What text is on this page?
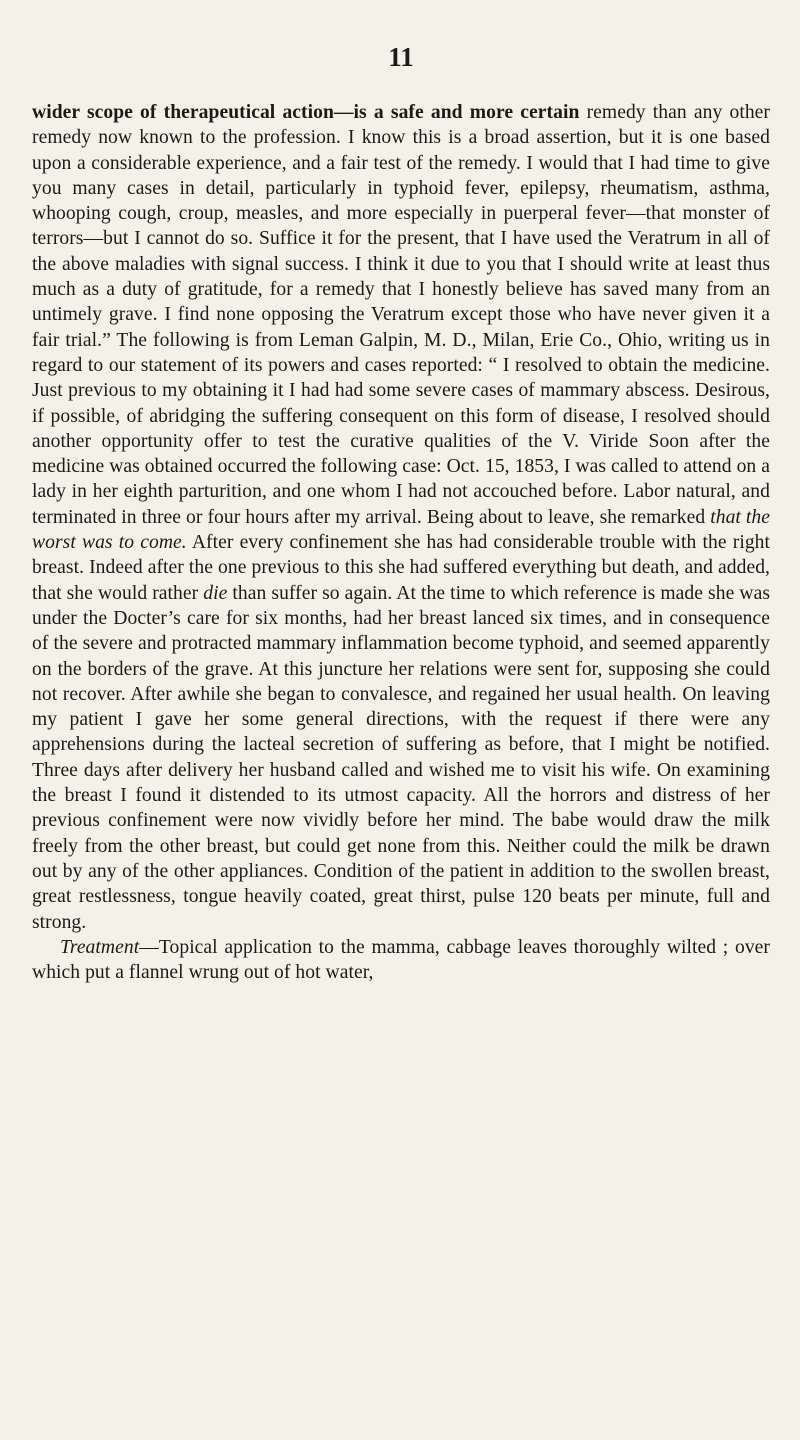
11

wider scope of therapeutical action—is a safe and more certain remedy than any other remedy now known to the profession. I know this is a broad assertion, but it is one based upon a considerable experience, and a fair test of the remedy. I would that I had time to give you many cases in detail, particularly in typhoid fever, epilepsy, rheumatism, asthma, whooping cough, croup, measles, and more especially in puerperal fever—that monster of terrors—but I cannot do so. Suffice it for the present, that I have used the Veratrum in all of the above maladies with signal success. I think it due to you that I should write at least thus much as a duty of gratitude, for a remedy that I honestly believe has saved many from an untimely grave. I find none opposing the Veratrum except those who have never given it a fair trial.” The following is from Leman Galpin, M. D., Milan, Erie Co., Ohio, writing us in regard to our statement of its powers and cases reported: “ I resolved to obtain the medicine. Just previous to my obtaining it I had had some severe cases of mammary abscess. Desirous, if possible, of abridging the suffering consequent on this form of disease, I resolved should another opportunity offer to test the curative qualities of the V. Viride Soon after the medicine was obtained occurred the following case: Oct. 15, 1853, I was called to attend on a lady in her eighth parturition, and one whom I had not accouched before. Labor natural, and terminated in three or four hours after my arrival. Being about to leave, she remarked that the worst was to come. After every confinement she has had considerable trouble with the right breast. Indeed after the one previous to this she had suffered everything but death, and added, that she would rather die than suffer so again. At the time to which reference is made she was under the Docter’s care for six months, had her breast lanced six times, and in consequence of the severe and protracted mammary inflammation become typhoid, and seemed apparently on the borders of the grave. At this juncture her relations were sent for, supposing she could not recover. After awhile she began to convalesce, and regained her usual health. On leaving my patient I gave her some general directions, with the request if there were any apprehensions during the lacteal secretion of suffering as before, that I might be notified. Three days after delivery her husband called and wished me to visit his wife. On examining the breast I found it distended to its utmost capacity. All the horrors and distress of her previous confinement were now vividly before her mind. The babe would draw the milk freely from the other breast, but could get none from this. Neither could the milk be drawn out by any of the other appliances. Condition of the patient in addition to the swollen breast, great restlessness, tongue heavily coated, great thirst, pulse 120 beats per minute, full and strong.

Treatment—Topical application to the mamma, cabbage leaves thoroughly wilted ; over which put a flannel wrung out of hot water,
